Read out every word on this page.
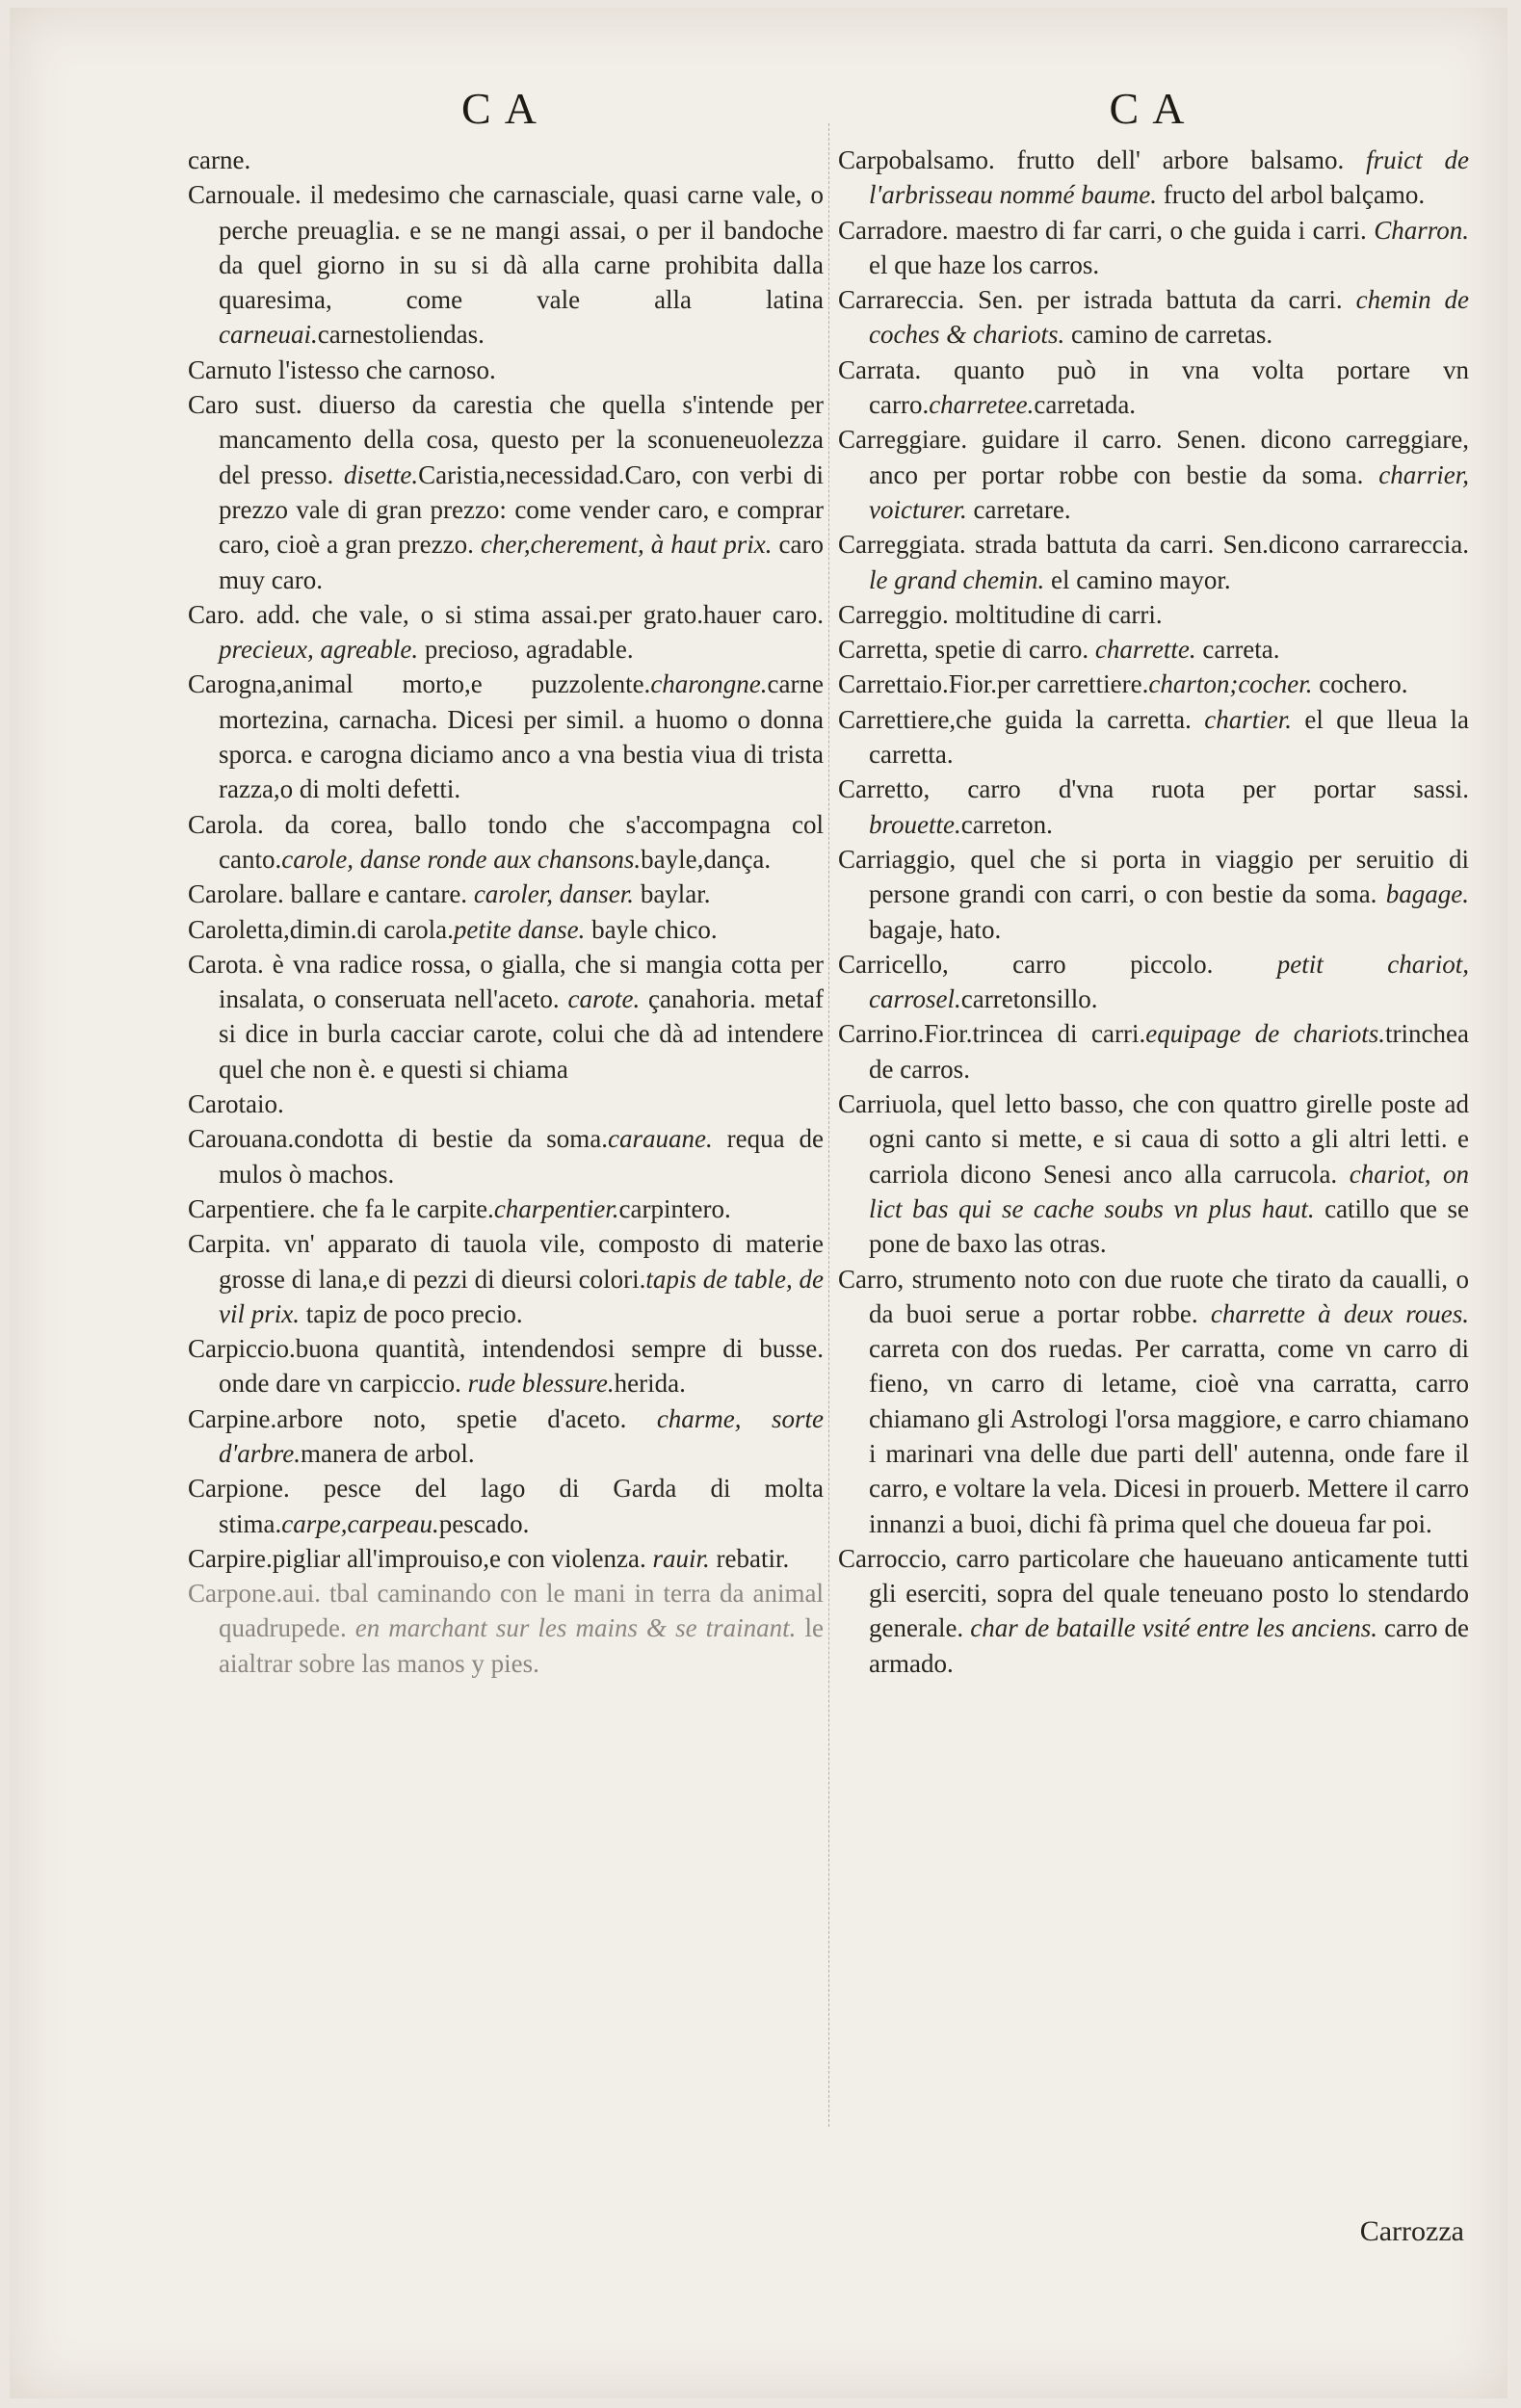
CA

carne.

Carnouale. il medesimo che carnasciale, quasi carne vale, o perche preuaglia. e se ne mangi assai, o per il bandoche da quel giorno in su si dà alla carne prohibita dalla quaresima, come vale alla latina carneuai.carnestoliendas.

Carnuto l'istesso che carnoso.

Caro sust. diuerso da carestia che quella s'intende per mancamento della cosa, questo per la sconueneuolezza del presso. disette.Caristia,necessidad.Caro, con verbi di prezzo vale di gran prezzo: come vender caro, e comprar caro, cioè a gran prezzo. cher,cherement, à haut prix. caro muy caro.

Caro. add. che vale, o si stima assai.per grato.hauer caro. precieux, agreable. precioso, agradable.

Carogna,animal morto,e puzzolente.charongne.carne mortezina, carnacha. Dicesi per simil. a huomo o donna sporca. e carogna diciamo anco a vna bestia viua di trista razza,o di molti defetti.

Carola. da corea, ballo tondo che s'accompagna col canto.carole, danse ronde aux chansons.bayle,dança.

Carolare. ballare e cantare. caroler, danser. baylar.

Caroletta,dimin.di carola.petite danse. bayle chico.

Carota. è vna radice rossa, o gialla, che si mangia cotta per insalata, o conseruata nell'aceto. carote. çanahoria. metaf si dice in burla cacciar carote, colui che dà ad intendere quel che non è. e questi si chiama

Carotaio.

Carouana.condotta di bestie da soma.carauane. requa de mulos ò machos.

Carpentiere. che fa le carpite.charpentier.carpintero.

Carpita. vn' apparato di tauola vile, composto di materie grosse di lana,e di pezzi di dieursi colori.tapis de table, de vil prix. tapiz de poco precio.

Carpiccio.buona quantità, intendendosi sempre di busse. onde dare vn carpiccio. rude blessure.herida.

Carpine.arbore noto, spetie d'aceto. charme, sorte d'arbre.manera de arbol.

Carpione. pesce del lago di Garda di molta stima.carpe,carpeau.pescado.

Carpire.pigliar all'improuiso,e con violenza. rauir. rebatir.

Carpone.aui. tbal caminando con le mani in terra da animal quadrupede. en marchant sur les mains & se trainant. le aialtrar sobre las manos y pies.

CA

Carpobalsamo. frutto dell' arbore balsamo. fruict de l'arbrisseau nommé baume. fructo del arbol balçamo.

Carradore. maestro di far carri, o che guida i carri. Charron. el que haze los carros.

Carrareccia. Sen. per istrada battuta da carri. chemin de coches & chariots. camino de carretas.

Carrata. quanto può in vna volta portare vn carro.charretee.carretada.

Carreggiare. guidare il carro. Senen. dicono carreggiare, anco per portar robbe con bestie da soma. charrier, voicturer. carretare.

Carreggiata. strada battuta da carri. Sen.dicono carrareccia. le grand chemin. el camino mayor.

Carreggio. moltitudine di carri.

Carretta, spetie di carro. charrette. carreta.

Carrettaio.Fior.per carrettiere.charton;cocher. cochero.

Carrettiere,che guida la carretta. chartier. el que lleua la carretta.

Carretto, carro d'vna ruota per portar sassi. brouette.carreton.

Carriaggio, quel che si porta in viaggio per seruitio di persone grandi con carri, o con bestie da soma. bagage. bagaje, hato.

Carricello, carro piccolo. petit chariot, carrosel.carretonsillo.

Carrino.Fior.trincea di carri.equipage de chariots.trinchea de carros.

Carriuola, quel letto basso, che con quattro girelle poste ad ogni canto si mette, e si caua di sotto a gli altri letti. e carriola dicono Senesi anco alla carrucola. chariot, on lict bas qui se cache soubs vn plus haut. catillo que se pone de baxo las otras.

Carro, strumento noto con due ruote che tirato da caualli, o da buoi serue a portar robbe. charrette à deux roues. carreta con dos ruedas. Per carratta, come vn carro di fieno, vn carro di letame, cioè vna carratta, carro chiamano gli Astrologi l'orsa maggiore, e carro chiamano i marinari vna delle due parti dell' autenna, onde fare il carro, e voltare la vela. Dicesi in prouerb. Mettere il carro innanzi a buoi, dichi fà prima quel che doueua far poi.

Carroccio, carro particolare che haueuano anticamente tutti gli eserciti, sopra del quale teneuano posto lo stendardo generale. char de bataille vsité entre les anciens. carro de armado.

Carrozza
